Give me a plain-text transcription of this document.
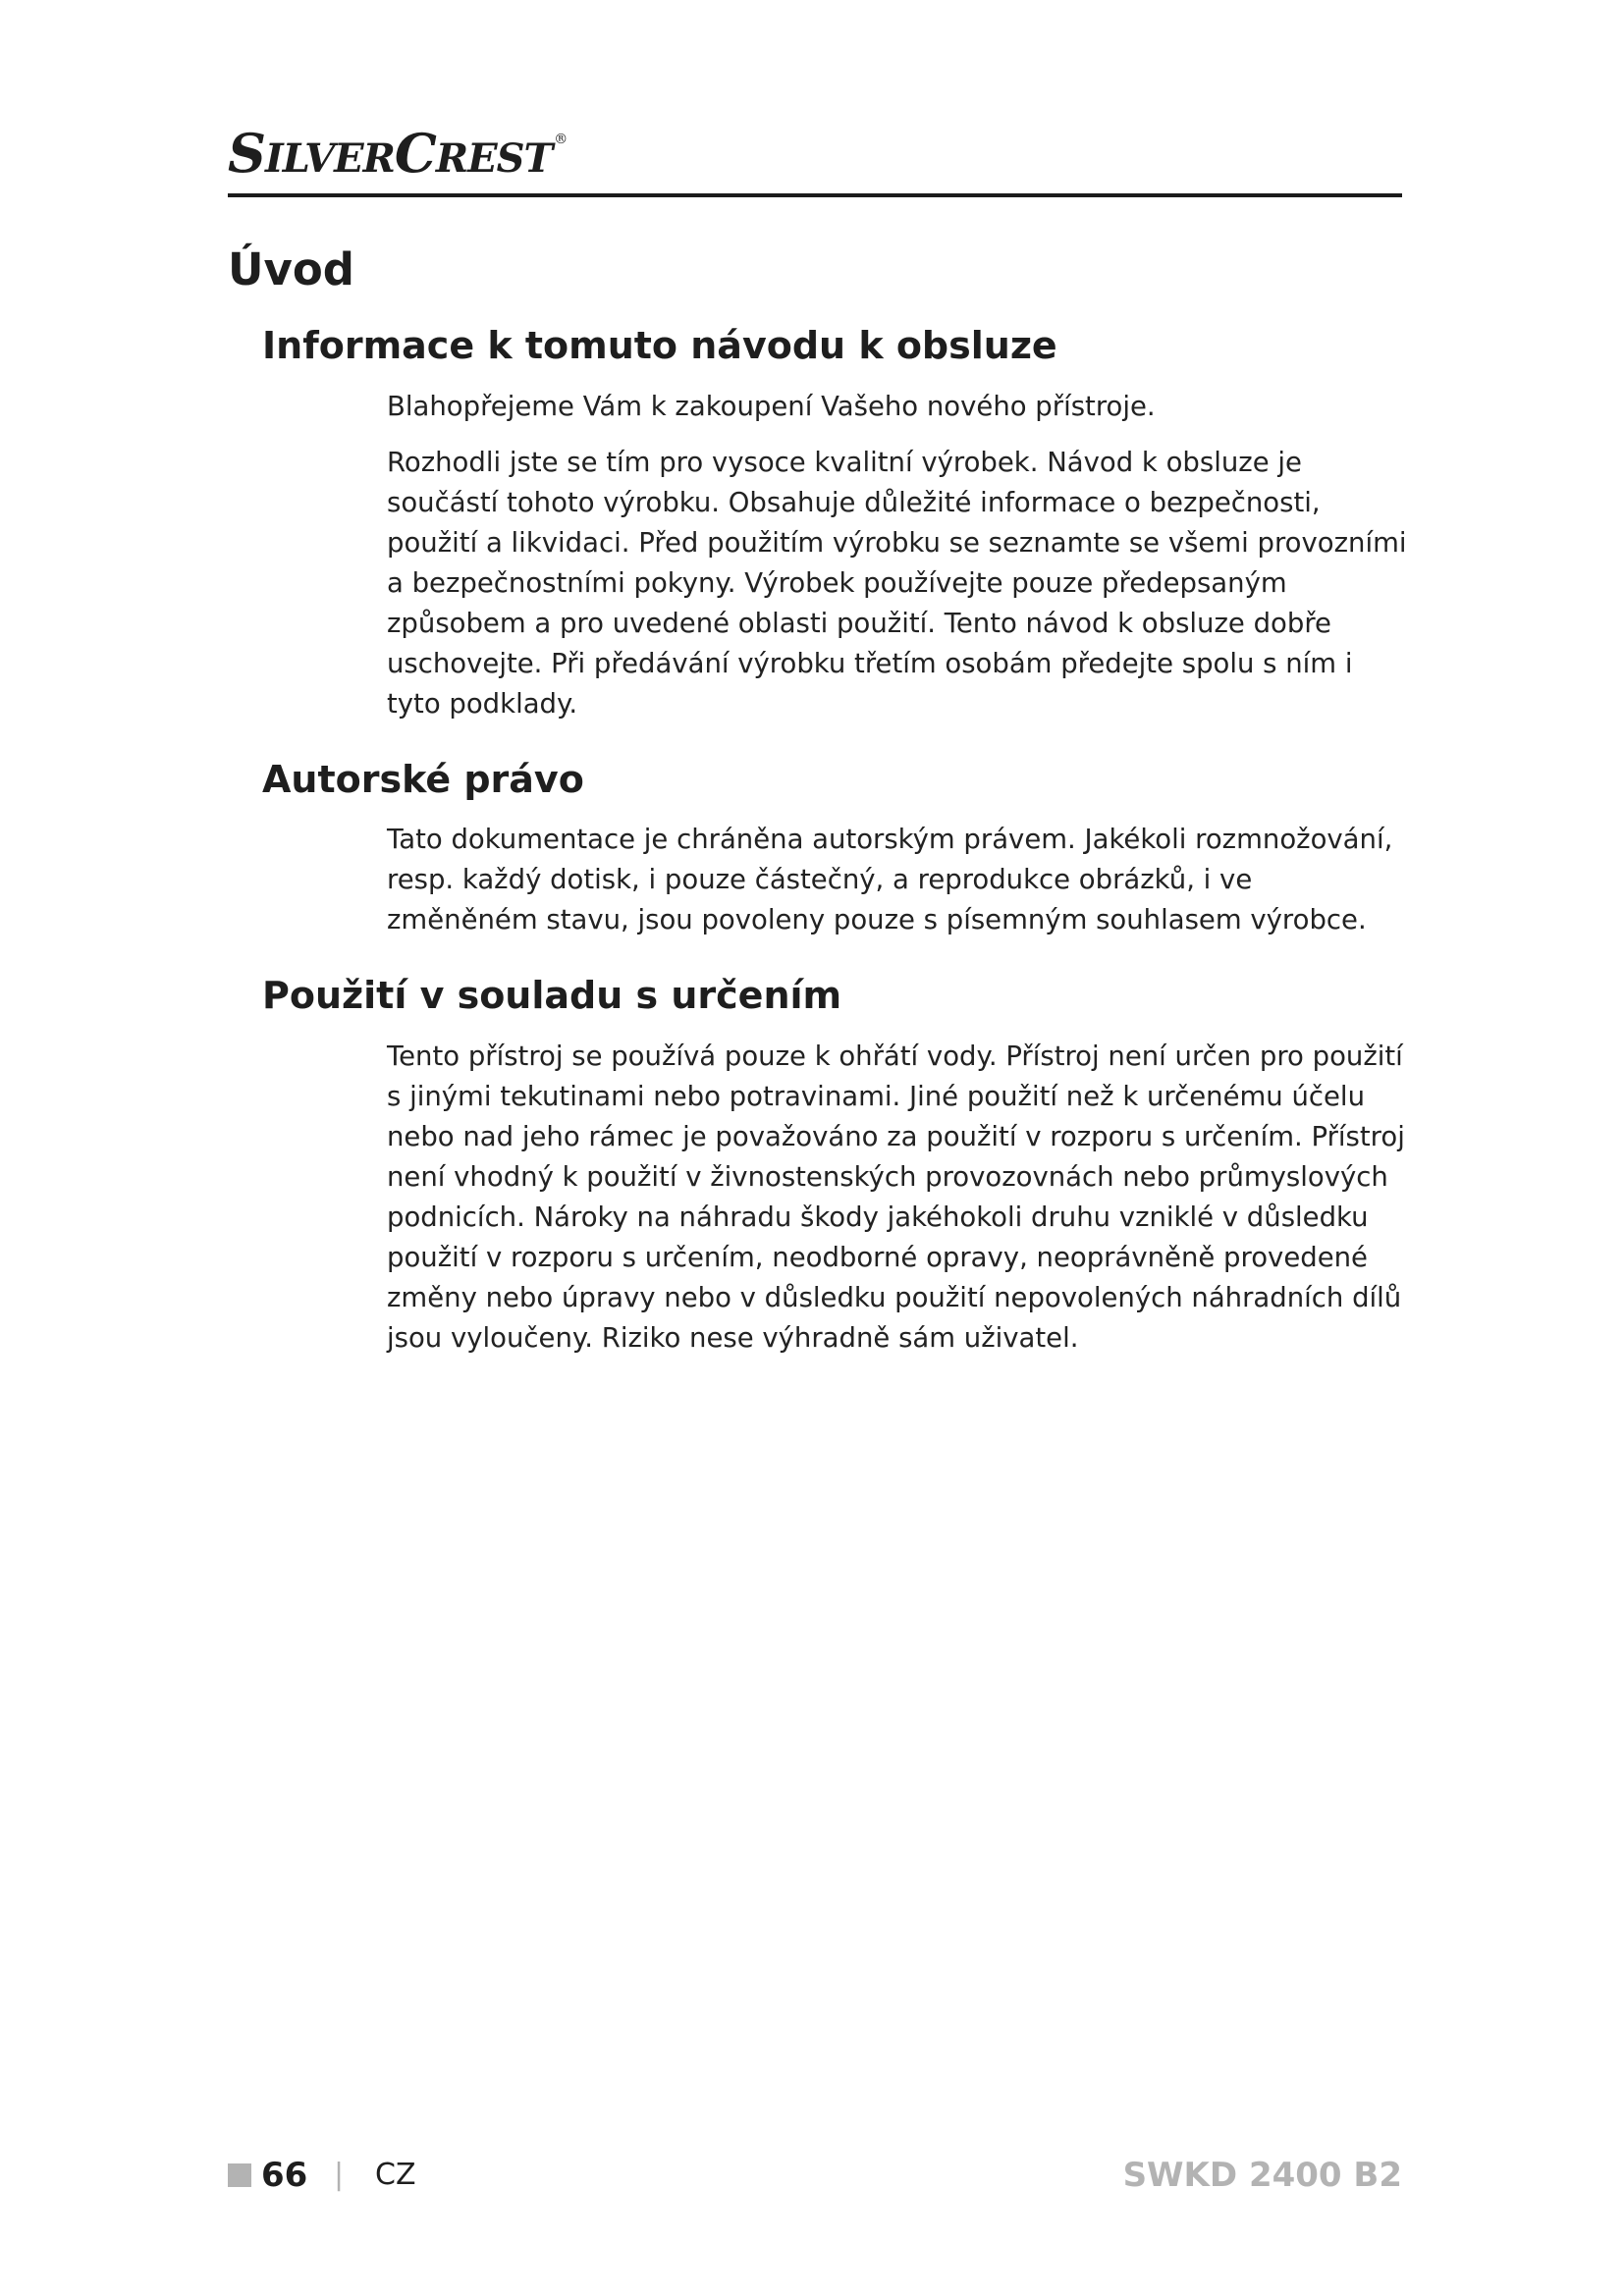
SILVERCREST ®
Úvod
Informace k tomuto návodu k obsluze

Blahopřejeme Vám k zakoupení Vašeho nového přístroje.

Rozhodli jste se tím pro vysoce kvalitní výrobek. Návod k obsluze je součástí tohoto výrobku. Obsahuje důležité informace o bezpečnosti, použití a likvidaci. Před použitím výrobku se seznamte se všemi provozními a bezpečnostními pokyny. Výrobek používejte pouze předepsaným způsobem a pro uvedené oblasti použití. Tento návod k obsluze dobře uschovejte. Při předávání výrobku třetím osobám předejte spolu s ním i tyto podklady.

Autorské právo

Tato dokumentace je chráněna autorským právem. Jakékoli rozmnožování, resp. každý dotisk, i pouze částečný, a reprodukce obrázků, i ve změněném stavu, jsou povoleny pouze s písemným souhlasem výrobce.

Použití v souladu s určením

Tento přístroj se používá pouze k ohřátí vody. Přístroj není určen pro použití s jinými tekutinami nebo potravinami. Jiné použití než k určenému účelu nebo nad jeho rámec je považováno za použití v rozporu s určením. Přístroj není vhodný k použití v živnostenských provozovnách nebo průmyslových podnicích. Nároky na náhradu škody jakéhokoli druhu vzniklé v důsledku použití v rozporu s určením, neodborné opravy, neoprávněně provedené změny nebo úpravy nebo v důsledku použití nepovolených náhradních dílů jsou vyloučeny. Riziko nese výhradně sám uživatel.

66 | CZ	SWKD 2400 B2
